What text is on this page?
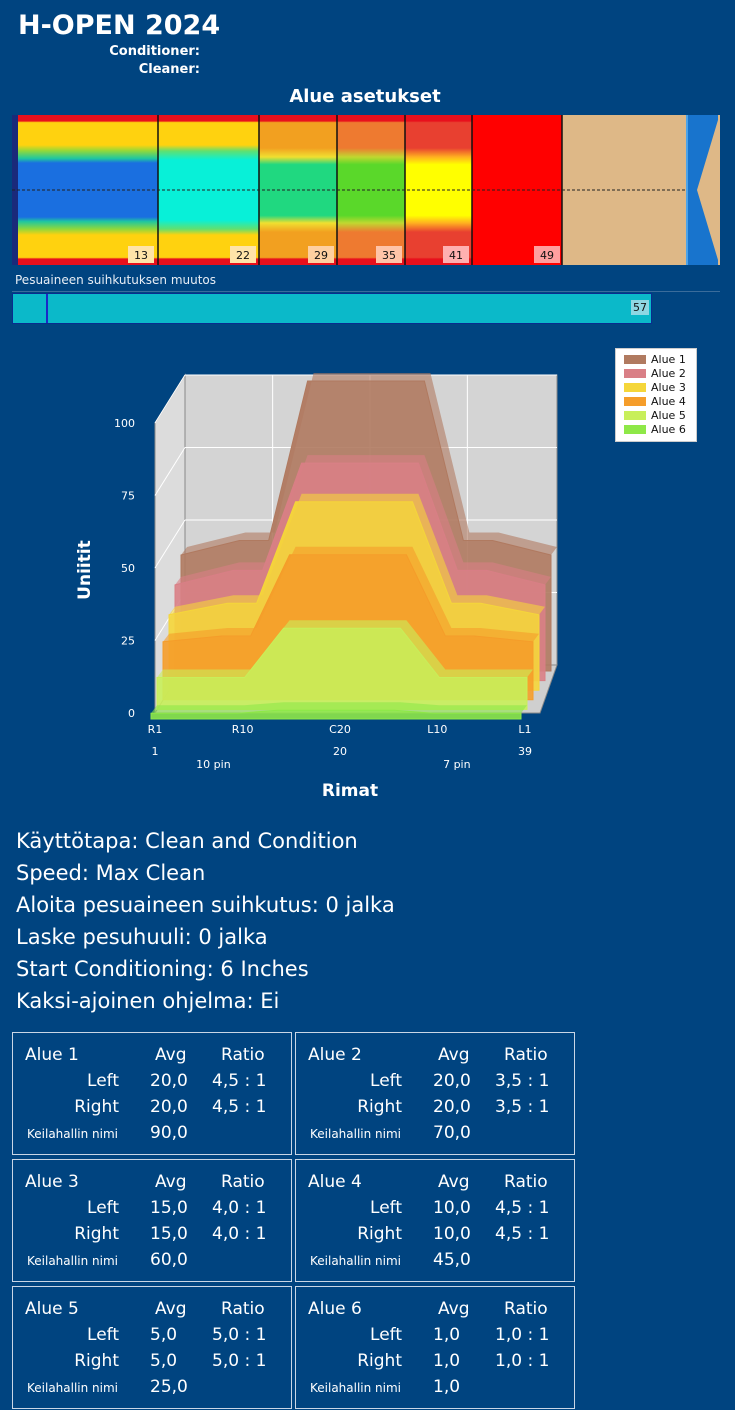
H-OPEN 2024
Conditioner:
Cleaner:
Alue asetukset
13	22	29	35	41	49
Pesuaineen suihkutuksen muutos
57
0
25
50
75
100
R1	R10	C20	L10	L1
1	20	39
10 pin	7 pin
Rimat
Uniitit
Alue 1
Alue 2
Alue 3
Alue 4
Alue 5
Alue 6
Käyttötapa: Clean and Condition
Speed: Max Clean
Aloita pesuaineen suihkutus: 0 jalka
Laske pesuhuuli: 0 jalka
Start Conditioning: 6 Inches
Kaksi-ajoinen ohjelma: Ei
Alue 1	Avg Ratio
Left 20,0 4,5 : 1
Right 20,0 4,5 : 1
Keilahallin nimi 90,0
Alue 2	Avg Ratio
Left 20,0 3,5 : 1
Right 20,0 3,5 : 1
Keilahallin nimi 70,0
Alue 3	Avg Ratio
Left 15,0 4,0 : 1
Right 15,0 4,0 : 1
Keilahallin nimi 60,0
Alue 4	Avg Ratio
Left 10,0 4,5 : 1
Right 10,0 4,5 : 1
Keilahallin nimi 45,0
Alue 5	Avg Ratio
Left 5,0 5,0 : 1
Right 5,0 5,0 : 1
Keilahallin nimi 25,0
Alue 6	Avg Ratio
Left 1,0 1,0 : 1
Right 1,0 1,0 : 1
Keilahallin nimi 1,0
